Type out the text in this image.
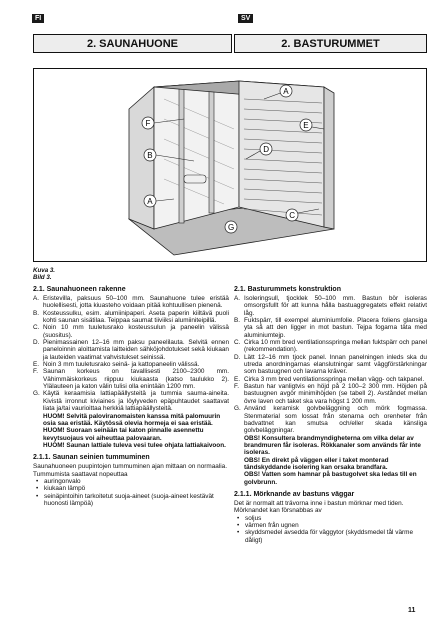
FI	SV
2. SAUNAHUONE	2. BASTURUMMET
A
F
B
A
D
E
C
G
Kuva 3.
Bild 3.
2.1. Saunahuoneen rakenne
A. Eristevilla, paksuus 50–100 mm. Saunahuone tulee eristää huolellisesti, jotta kiuasteho voidaan pitää kohtuullisen pienenä.
B. Kosteussulku, esim. alumiinipaperi. Aseta paperin kiiltävä puoli kohti saunan sisätilaa. Teippaa saumat tiiviiksi alumiiniteipillä.
C. Noin 10 mm tuuletusrako kosteussulun ja paneelin välissä (suositus).
D. Pienimassainen 12–16 mm paksu paneelilauta. Selvitä ennen paneloinnin aloittamista laitteiden sähköjohdotukset sekä kiukaan ja lauteiden vaatimat vahvistukset seinissä.
E. Noin 3 mm tuuletusrako seinä- ja kattopaneelin välissä.
F. Saunan korkeus on tavallisesti 2100–2300 mm. Vähimmäiskorkeus riippuu kiukaasta (katso taulukko 2). Ylälauteen ja katon välin tulisi olla enintään 1200 mm.
G. Käytä keraamisia lattiapäällysteitä ja tummia sauma-aineita. Kivistä irronnut kiviaines ja löylyveden epäpuhtaudet saattavat liata ja/tai vaurioittaa herkkiä lattiapäällysteitä.

HUOM! Selvitä paloviranomaisten kanssa mitä palomuurin osia saa eristää. Käytössä olevia hormeja ei saa eristää.

HUOM! Suoraan seinään tai katon pinnalle asennettu kevytsuojaus voi aiheuttaa palovaaran.

HUOM! Saunan lattiale tuleva vesi tulee ohjata lattiakaivoon.

2.1.1. Saunan seinien tummuminen

Saunahuoneen puupintojen tummuminen ajan mittaan on normaalia. Tummumista saattavat nopeuttaa

• auringonvalo
• kiukaan lämpö
• seinäpintoihin tarkoitetut suoja-aineet (suoja-aineet kestävät huonosti lämpöä)
2.1. Basturummets konstruktion
A. Isoleringsull, tjocklek 50–100 mm. Bastun bör isoleras omsorgsfullt för att kunna hålla bastuaggregatets effekt relativt låg.
B. Fuktspärr, till exempel aluminiumfolie. Placera foliens glansiga yta så att den ligger in mot bastun. Tejpa fogarna täta med aluminiumtejp.
C. Cirka 10 mm bred ventilationsspringa mellan fuktspärr och panel (rekommendation).
D. Lätt 12–16 mm tjock panel. Innan panelningen inleds ska du utreda anordningarnas elanslutningar samt väggförstärkningar som bastuugnen och lavarna kräver.
E. Cirka 3 mm bred ventilationsspringa mellan vägg- och takpanel.
F. Bastun har vanligtvis en höjd på 2 100–2 300 mm. Höjden på bastuugnen avgör minimihöjden (se tabell 2). Avståndet mellan övre laven och taket ska vara högst 1 200 mm.
G. Använd keramisk golvbeläggning och mörk fogmassa. Stenmaterial som lossat från stenarna och orenheter från badvattnet kan smutsa och/eller skada känsliga golvbeläggningar.

OBS! Konsultera brandmyndigheterna om vilka delar av brandmuren får isoleras. Rökkanaler som används får inte isoleras.

OBS! En direkt på väggen eller i taket monterad tändskyddande isolering kan orsaka brandfara.

OBS! Vatten som hamnar på bastugolvet ska ledas till en golvbrunn.

2.1.1. Mörknande av bastuns väggar

Det är normalt att trävorna inne i bastun mörknar med tiden. Mörknandet kan försnabbas av

• soljus
• värmen från ugnen
• skyddsmedel avsedda för väggytor (skyddsmedel tål värme dåligt)
11
